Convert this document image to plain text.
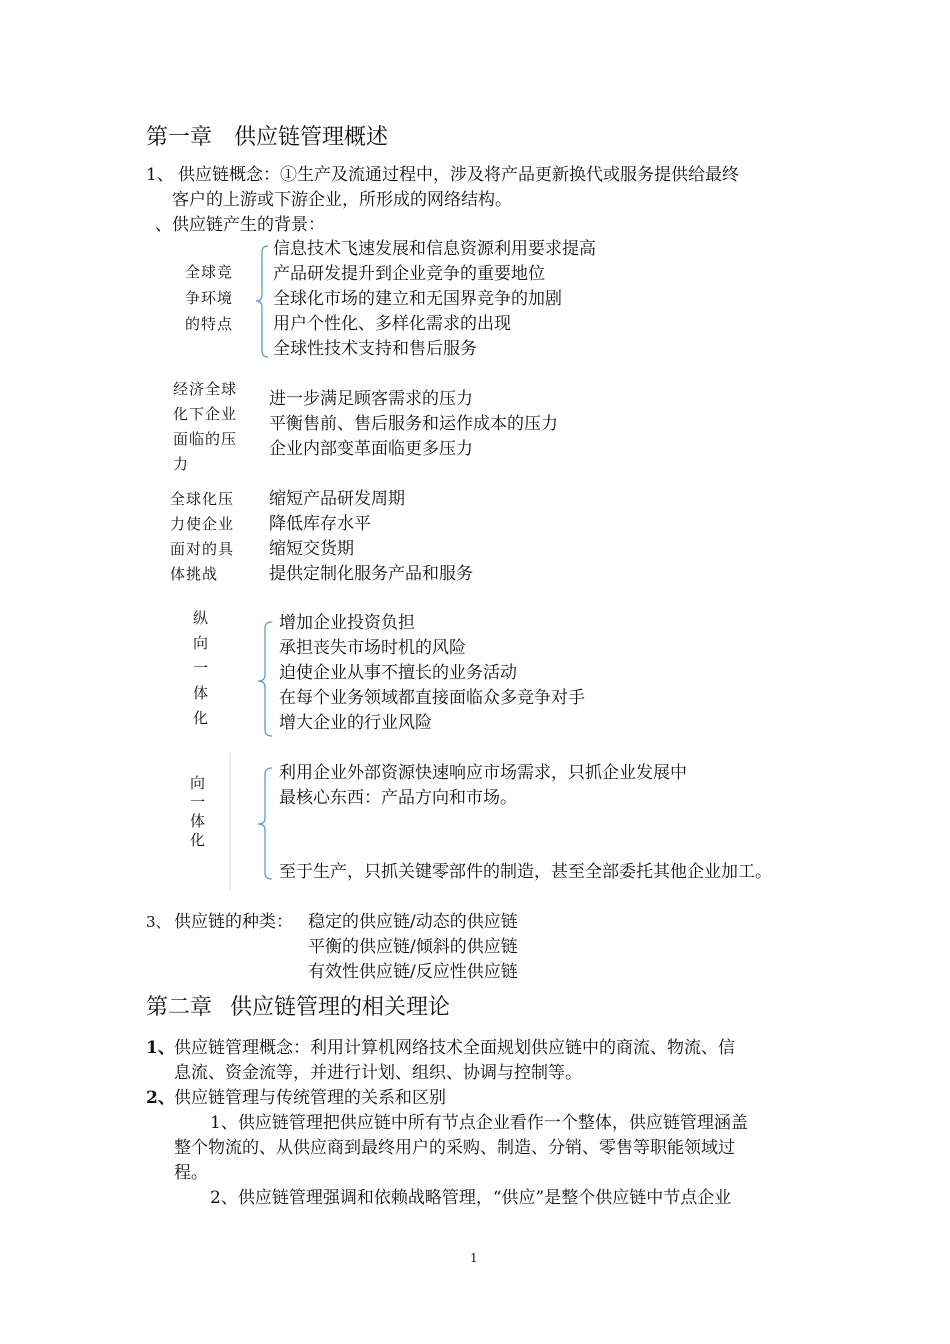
第一章 供应链管理概述
1、 供应链概念：①生产及流通过程中，涉及将产品更新换代或服务提供给最终
客户的上游或下游企业，所形成的网络结构。
、供应链产生的背景：
全球竞
争环境
的特点
信息技术飞速发展和信息资源利用要求提高
产品研发提升到企业竞争的重要地位
全球化市场的建立和无国界竞争的加剧
用户个性化、多样化需求的出现
全球性技术支持和售后服务
经济全球
化下企业
面临的压
力
进一步满足顾客需求的压力
平衡售前、售后服务和运作成本的压力
企业内部变革面临更多压力
全球化压
力使企业
面对的具
体挑战
缩短产品研发周期
降低库存水平
缩短交货期
提供定制化服务产品和服务
纵
向
一
体
化
增加企业投资负担
承担丧失市场时机的风险
迫使企业从事不擅长的业务活动
在每个业务领域都直接面临众多竞争对手
增大企业的行业风险
向
一
体
化
利用企业外部资源快速响应市场需求，只抓企业发展中
最核心东西：产品方向和市场。
至于生产，只抓关键零部件的制造，甚至全部委托其他企业加工。
3、 供应链的种类： 稳定的供应链/动态的供应链
平衡的供应链/倾斜的供应链
有效性供应链/反应性供应链
第二章 供应链管理的相关理论
1、 供应链管理概念：利用计算机网络技术全面规划供应链中的商流、物流、信
息流、资金流等，并进行计划、组织、协调与控制等。
2、 供应链管理与传统管理的关系和区别
1、供应链管理把供应链中所有节点企业看作一个整体，供应链管理涵盖
整个物流的、从供应商到最终用户的采购、制造、分销、零售等职能领域过
程。
2、供应链管理强调和依赖战略管理，“供应”是整个供应链中节点企业
1
